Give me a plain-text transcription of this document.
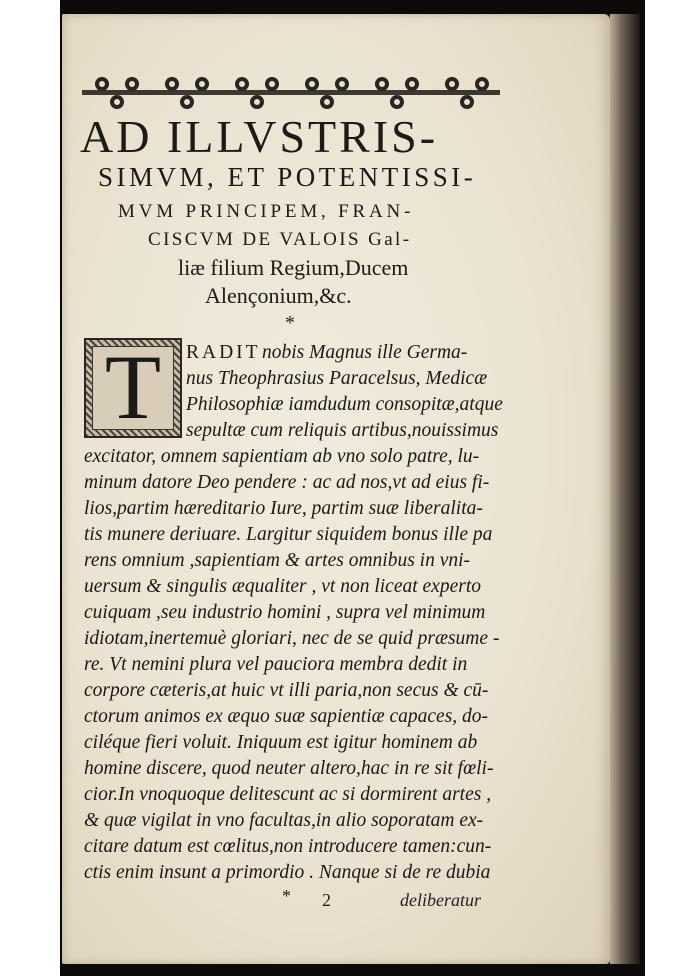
AD ILLVSTRIS-
SIMVM, ET POTENTISSI-
MVM PRINCIPEM, FRAN-
CISCVM DE VALOIS Gal-
liæ filium Regium,Ducem
Alençonium,&c.
*
T	RADIT nobis Magnus ille Germa-
nus Theophrasius Paracelsus, Medicæ
Philosophiæ iamdudum consopitæ,atque
sepultæ cum reliquis artibus,nouissimus
excitator, omnem sapientiam ab vno solo patre, lu-
minum datore Deo pendere : ac ad nos,vt ad eius fi-
lios,partim hæreditario Iure, partim suæ liberalita-
tis munere deriuare. Largitur siquidem bonus ille pa
rens omnium ,sapientiam & artes omnibus in vni-
uersum & singulis æqualiter , vt non liceat experto
cuiquam ,seu industrio homini , supra vel minimum
idiotam,inertemuè gloriari, nec de se quid præsume -
re. Vt nemini plura vel pauciora membra dedit in
corpore cæteris,at huic vt illi paria,non secus & cū-
ctorum animos ex æquo suæ sapientiæ capaces, do-
ciléque fieri voluit. Iniquum est igitur hominem ab
homine discere, quod neuter altero,hac in re sit fœli-
cior.In vnoquoque delitescunt ac si dormirent artes ,
& quæ vigilat in vno facultas,in alio soporatam ex-
citare datum est cœlitus,non introducere tamen:cun-
ctis enim insunt a primordio . Nanque si de re dubia
* 2	deliberatur
